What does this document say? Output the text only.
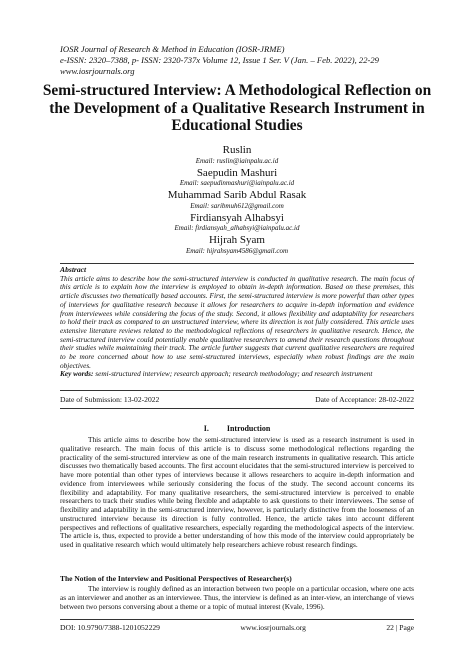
IOSR Journal of Research & Method in Education (IOSR-JRME)
e-ISSN: 2320–7388, p- ISSN: 2320-737x Volume 12, Issue 1 Ser. V (Jan. – Feb. 2022), 22-29
www.iosrjournals.org
Semi-structured Interview: A Methodological Reflection on the Development of a Qualitative Research Instrument in Educational Studies
Ruslin
Email: ruslin@iainpalu.ac.id
Saepudin Mashuri
Email: saepudinmashuri@iainpalu.ac.id
Muhammad Sarib Abdul Rasak
Email: saribmuh612@gmail.com
Firdiansyah Alhabsyi
Email: firdiansyah_alhabsyi@iainpalu.ac.id
Hijrah Syam
Email: hijrahsyam4586@gmail.com
Abstract
This article aims to describe how the semi-structured interview is conducted in qualitative research. The main focus of this article is to explain how the interview is employed to obtain in-depth information. Based on these premises, this article discusses two thematically based accounts. First, the semi-structured interview is more powerful than other types of interviews for qualitative research because it allows for researchers to acquire in-depth information and evidence from interviewees while considering the focus of the study. Second, it allows flexibility and adaptability for researchers to hold their track as compared to an unstructured interview, where its direction is not fully considered. This article uses extensive literature reviews related to the methodological reflections of researchers in qualitative research. Hence, the semi-structured interview could potentially enable qualitative researchers to amend their research questions throughout their studies while maintaining their track. The article further suggests that current qualitative researchers are required to be more concerned about how to use semi-structured interviews, especially when robust findings are the main objectives.
Key words: semi-structured interview; research approach; research methodology; and research instrument
Date of Submission: 13-02-2022	Date of Acceptance: 28-02-2022
I. Introduction
This article aims to describe how the semi-structured interview is used as a research instrument is used in qualitative research. The main focus of this article is to discuss some methodological reflections regarding the practicality of the semi-structured interview as one of the main research instruments in qualitative research. This article discusses two thematically based accounts. The first account elucidates that the semi-structured interview is perceived to have more potential than other types of interviews because it allows researchers to acquire in-depth information and evidence from interviewees while seriously considering the focus of the study. The second account concerns its flexibility and adaptability. For many qualitative researchers, the semi-structured interview is perceived to enable researchers to track their studies while being flexible and adaptable to ask questions to their interviewees. The sense of flexibility and adaptability in the semi-structured interview, however, is particularly distinctive from the looseness of an unstructured interview because its direction is fully controlled. Hence, the article takes into account different perspectives and reflections of qualitative researchers, especially regarding the methodological aspects of the interview. The article is, thus, expected to provide a better understanding of how this mode of the interview could appropriately be used in qualitative research which would ultimately help researchers achieve robust research findings.
The Notion of the Interview and Positional Perspectives of Researcher(s)
The interview is roughly defined as an interaction between two people on a particular occasion, where one acts as an interviewer and another as an interviewee. Thus, the interview is defined as an inter-view, an interchange of views between two persons conversing about a theme or a topic of mutual interest (Kvale, 1996).
DOI: 10.9790/7388-1201052229	www.iosrjournals.org	22 | Page
